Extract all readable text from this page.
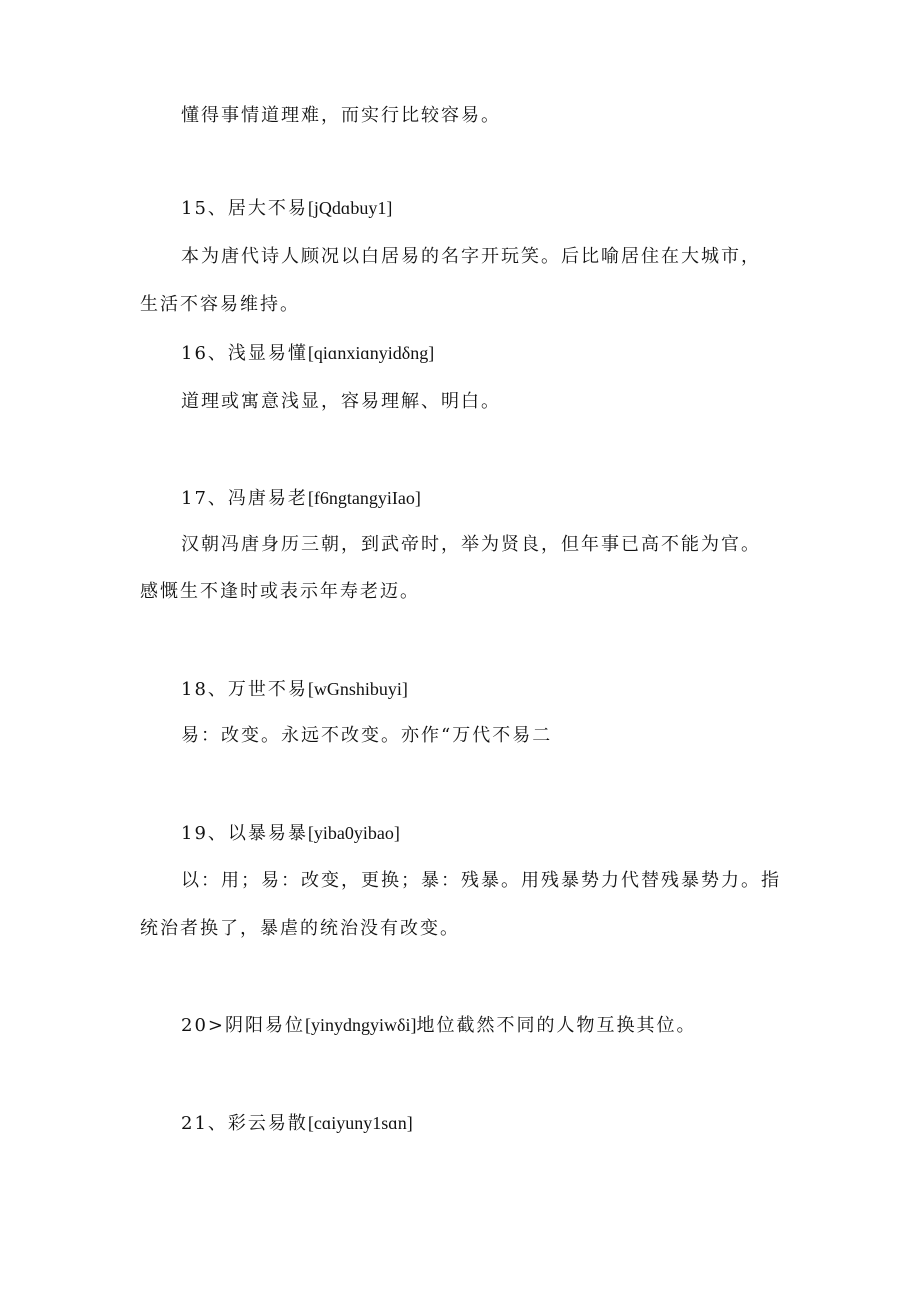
懂得事情道理难，而实行比较容易。
15、居大不易[jQdɑbuy1]
本为唐代诗人顾况以白居易的名字开玩笑。后比喻居住在大城市，
生活不容易维持。
16、浅显易懂[qiɑnxiɑnyidδng]
道理或寓意浅显，容易理解、明白。
17、冯唐易老[f6ngtangyiIao]
汉朝冯唐身历三朝，到武帝时，举为贤良，但年事已高不能为官。
感慨生不逢时或表示年寿老迈。
18、万世不易[wGnshibuyi]
易：改变。永远不改变。亦作“万代不易二
19、以暴易暴[yiba0yibao]
以：用；易：改变，更换；暴：残暴。用残暴势力代替残暴势力。指
统治者换了，暴虐的统治没有改变。
20>阴阳易位[yinydngyiwδi]地位截然不同的人物互换其位。
21、彩云易散[cɑiyuny1sɑn]
